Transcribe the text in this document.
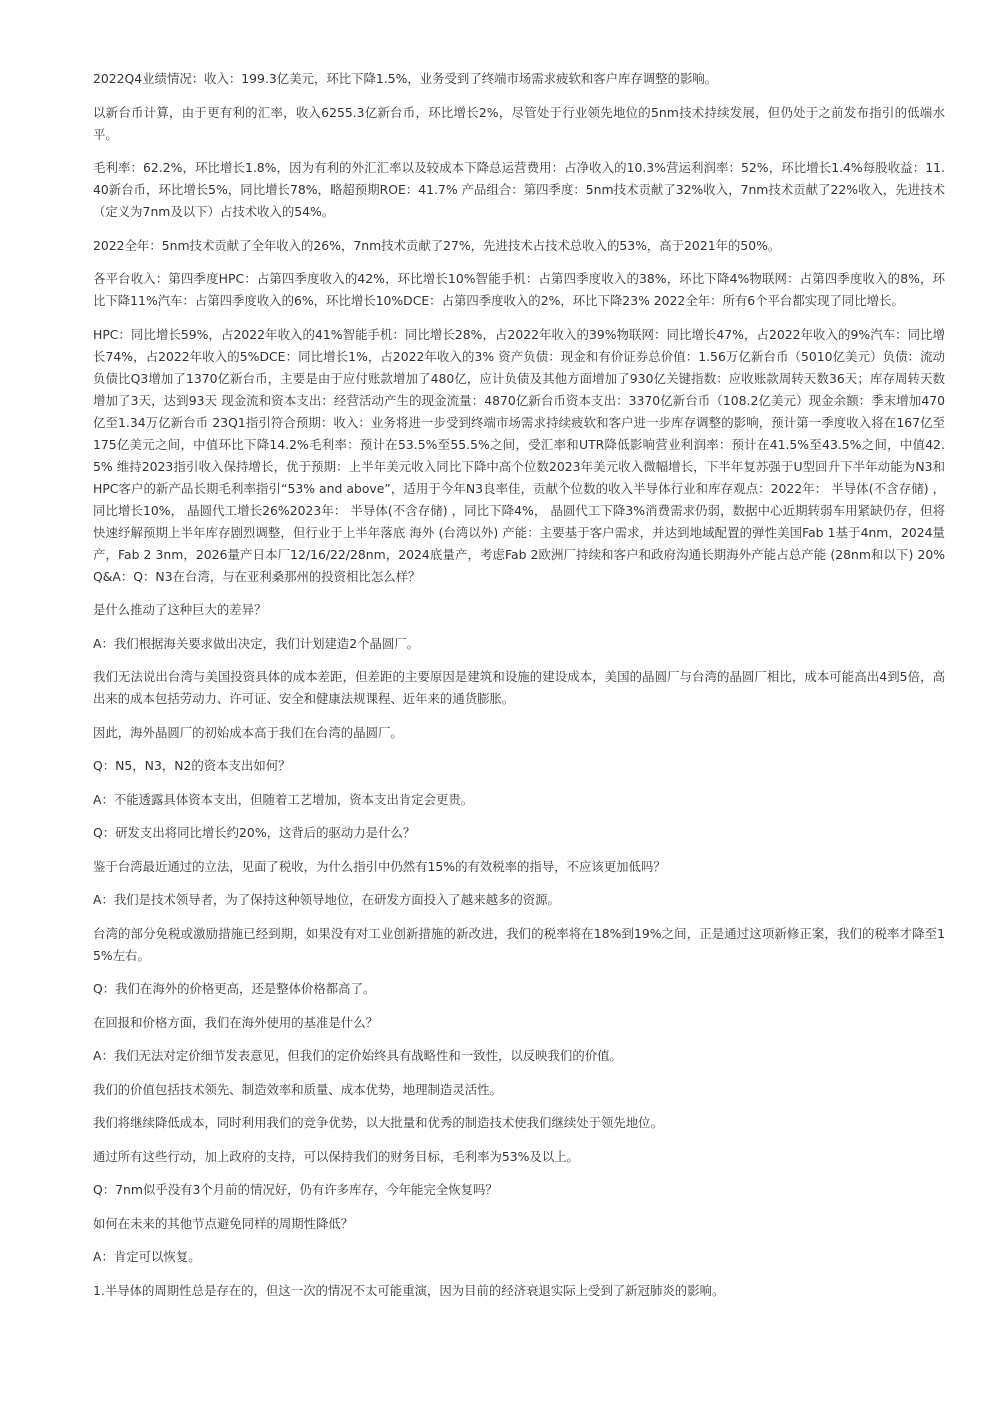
2022Q4业绩情况：收入：199.3亿美元，环比下降1.5%，业务受到了终端市场需求疲软和客户库存调整的影响。

以新台币计算，由于更有利的汇率，收入6255.3亿新台币，环比增长2%，尽管处于行业领先地位的5nm技术持续发展，但仍处于之前发布指引的低端水平。

毛利率：62.2%，环比增长1.8%，因为有利的外汇汇率以及较成本下降总运营费用：占净收入的10.3%营运利润率：52%，环比增长1.4%每股收益：11.40新台币，环比增长5%，同比增长78%，略超预期ROE：41.7% 产品组合：第四季度：5nm技术贡献了32%收入，7nm技术贡献了22%收入，先进技术（定义为7nm及以下）占技术收入的54%。

2022全年：5nm技术贡献了全年收入的26%，7nm技术贡献了27%，先进技术占技术总收入的53%，高于2021年的50%。

各平台收入：第四季度HPC：占第四季度收入的42%，环比增长10%智能手机：占第四季度收入的38%，环比下降4%物联网：占第四季度收入的8%，环比下降11%汽车：占第四季度收入的6%，环比增长10%DCE：占第四季度收入的2%，环比下降23% 2022全年：所有6个平台都实现了同比增长。

HPC：同比增长59%，占2022年收入的41%智能手机：同比增长28%，占2022年收入的39%物联网：同比增长47%，占2022年收入的9%汽车：同比增长74%，占2022年收入的5%DCE：同比增长1%，占2022年收入的3% 资产负债：现金和有价证券总价值：1.56万亿新台币（5010亿美元）负债：流动负债比Q3增加了1370亿新台币，主要是由于应付账款增加了480亿，应计负债及其他方面增加了930亿关键指数：应收账款周转天数36天；库存周转天数增加了3天，达到93天 现金流和资本支出：经营活动产生的现金流量：4870亿新台币资本支出：3370亿新台币（108.2亿美元）现金余额：季末增加470亿至1.34万亿新台币 23Q1指引符合预期：收入：业务将进一步受到终端市场需求持续疲软和客户进一步库存调整的影响，预计第一季度收入将在167亿至175亿美元之间，中值环比下降14.2%毛利率：预计在53.5%至55.5%之间，受汇率和UTR降低影响营业利润率：预计在41.5%至43.5%之间，中值42.5% 维持2023指引收入保持增长，优于预期：上半年美元收入同比下降中高个位数2023年美元收入微幅增长，下半年复苏强于U型回升下半年动能为N3和HPC客户的新产品长期毛利率指引“53% and above”，适用于今年N3良率佳，贡献个位数的收入半导体行业和库存观点：2022年： 半导体(不含存储) ，同比增长10%， 晶圆代工增长26%2023年： 半导体(不含存储) ，同比下降4%， 晶圆代工下降3%消费需求仍弱，数据中心近期转弱车用紧缺仍存，但将快速纾解预期上半年库存剧烈调整，但行业于上半年落底 海外 (台湾以外) 产能：主要基于客户需求，并达到地域配置的弹性美国Fab 1基于4nm，2024量产，Fab 2 3nm，2026量产日本厂12/16/22/28nm，2024底量产，考虑Fab 2欧洲厂持续和客户和政府沟通长期海外产能占总产能 (28nm和以下) 20% Q&A：Q：N3在台湾，与在亚利桑那州的投资相比怎么样？

是什么推动了这种巨大的差异？

A：我们根据海关要求做出决定，我们计划建造2个晶圆厂。

我们无法说出台湾与美国投资具体的成本差距，但差距的主要原因是建筑和设施的建设成本，美国的晶圆厂与台湾的晶圆厂相比，成本可能高出4到5倍，高出来的成本包括劳动力、许可证、安全和健康法规课程、近年来的通货膨胀。

因此，海外晶圆厂的初始成本高于我们在台湾的晶圆厂。

Q：N5，N3，N2的资本支出如何？

A：不能透露具体资本支出，但随着工艺增加，资本支出肯定会更贵。

Q：研发支出将同比增长约20%，这背后的驱动力是什么？

鉴于台湾最近通过的立法，见面了税收，为什么指引中仍然有15%的有效税率的指导，不应该更加低吗？

A：我们是技术领导者，为了保持这种领导地位，在研发方面投入了越来越多的资源。

台湾的部分免税或激励措施已经到期，如果没有对工业创新措施的新改进，我们的税率将在18%到19%之间，正是通过这项新修正案，我们的税率才降至15%左右。

Q：我们在海外的价格更高，还是整体价格都高了。

在回报和价格方面，我们在海外使用的基准是什么？

A：我们无法对定价细节发表意见，但我们的定价始终具有战略性和一致性，以反映我们的价值。

我们的价值包括技术领先、制造效率和质量、成本优势，地理制造灵活性。

我们将继续降低成本，同时利用我们的竞争优势，以大批量和优秀的制造技术使我们继续处于领先地位。

通过所有这些行动，加上政府的支持，可以保持我们的财务目标，毛利率为53%及以上。

Q：7nm似乎没有3个月前的情况好，仍有许多库存，今年能完全恢复吗？

如何在未来的其他节点避免同样的周期性降低？

A：肯定可以恢复。

1.半导体的周期性总是存在的，但这一次的情况不太可能重演，因为目前的经济衰退实际上受到了新冠肺炎的影响。
